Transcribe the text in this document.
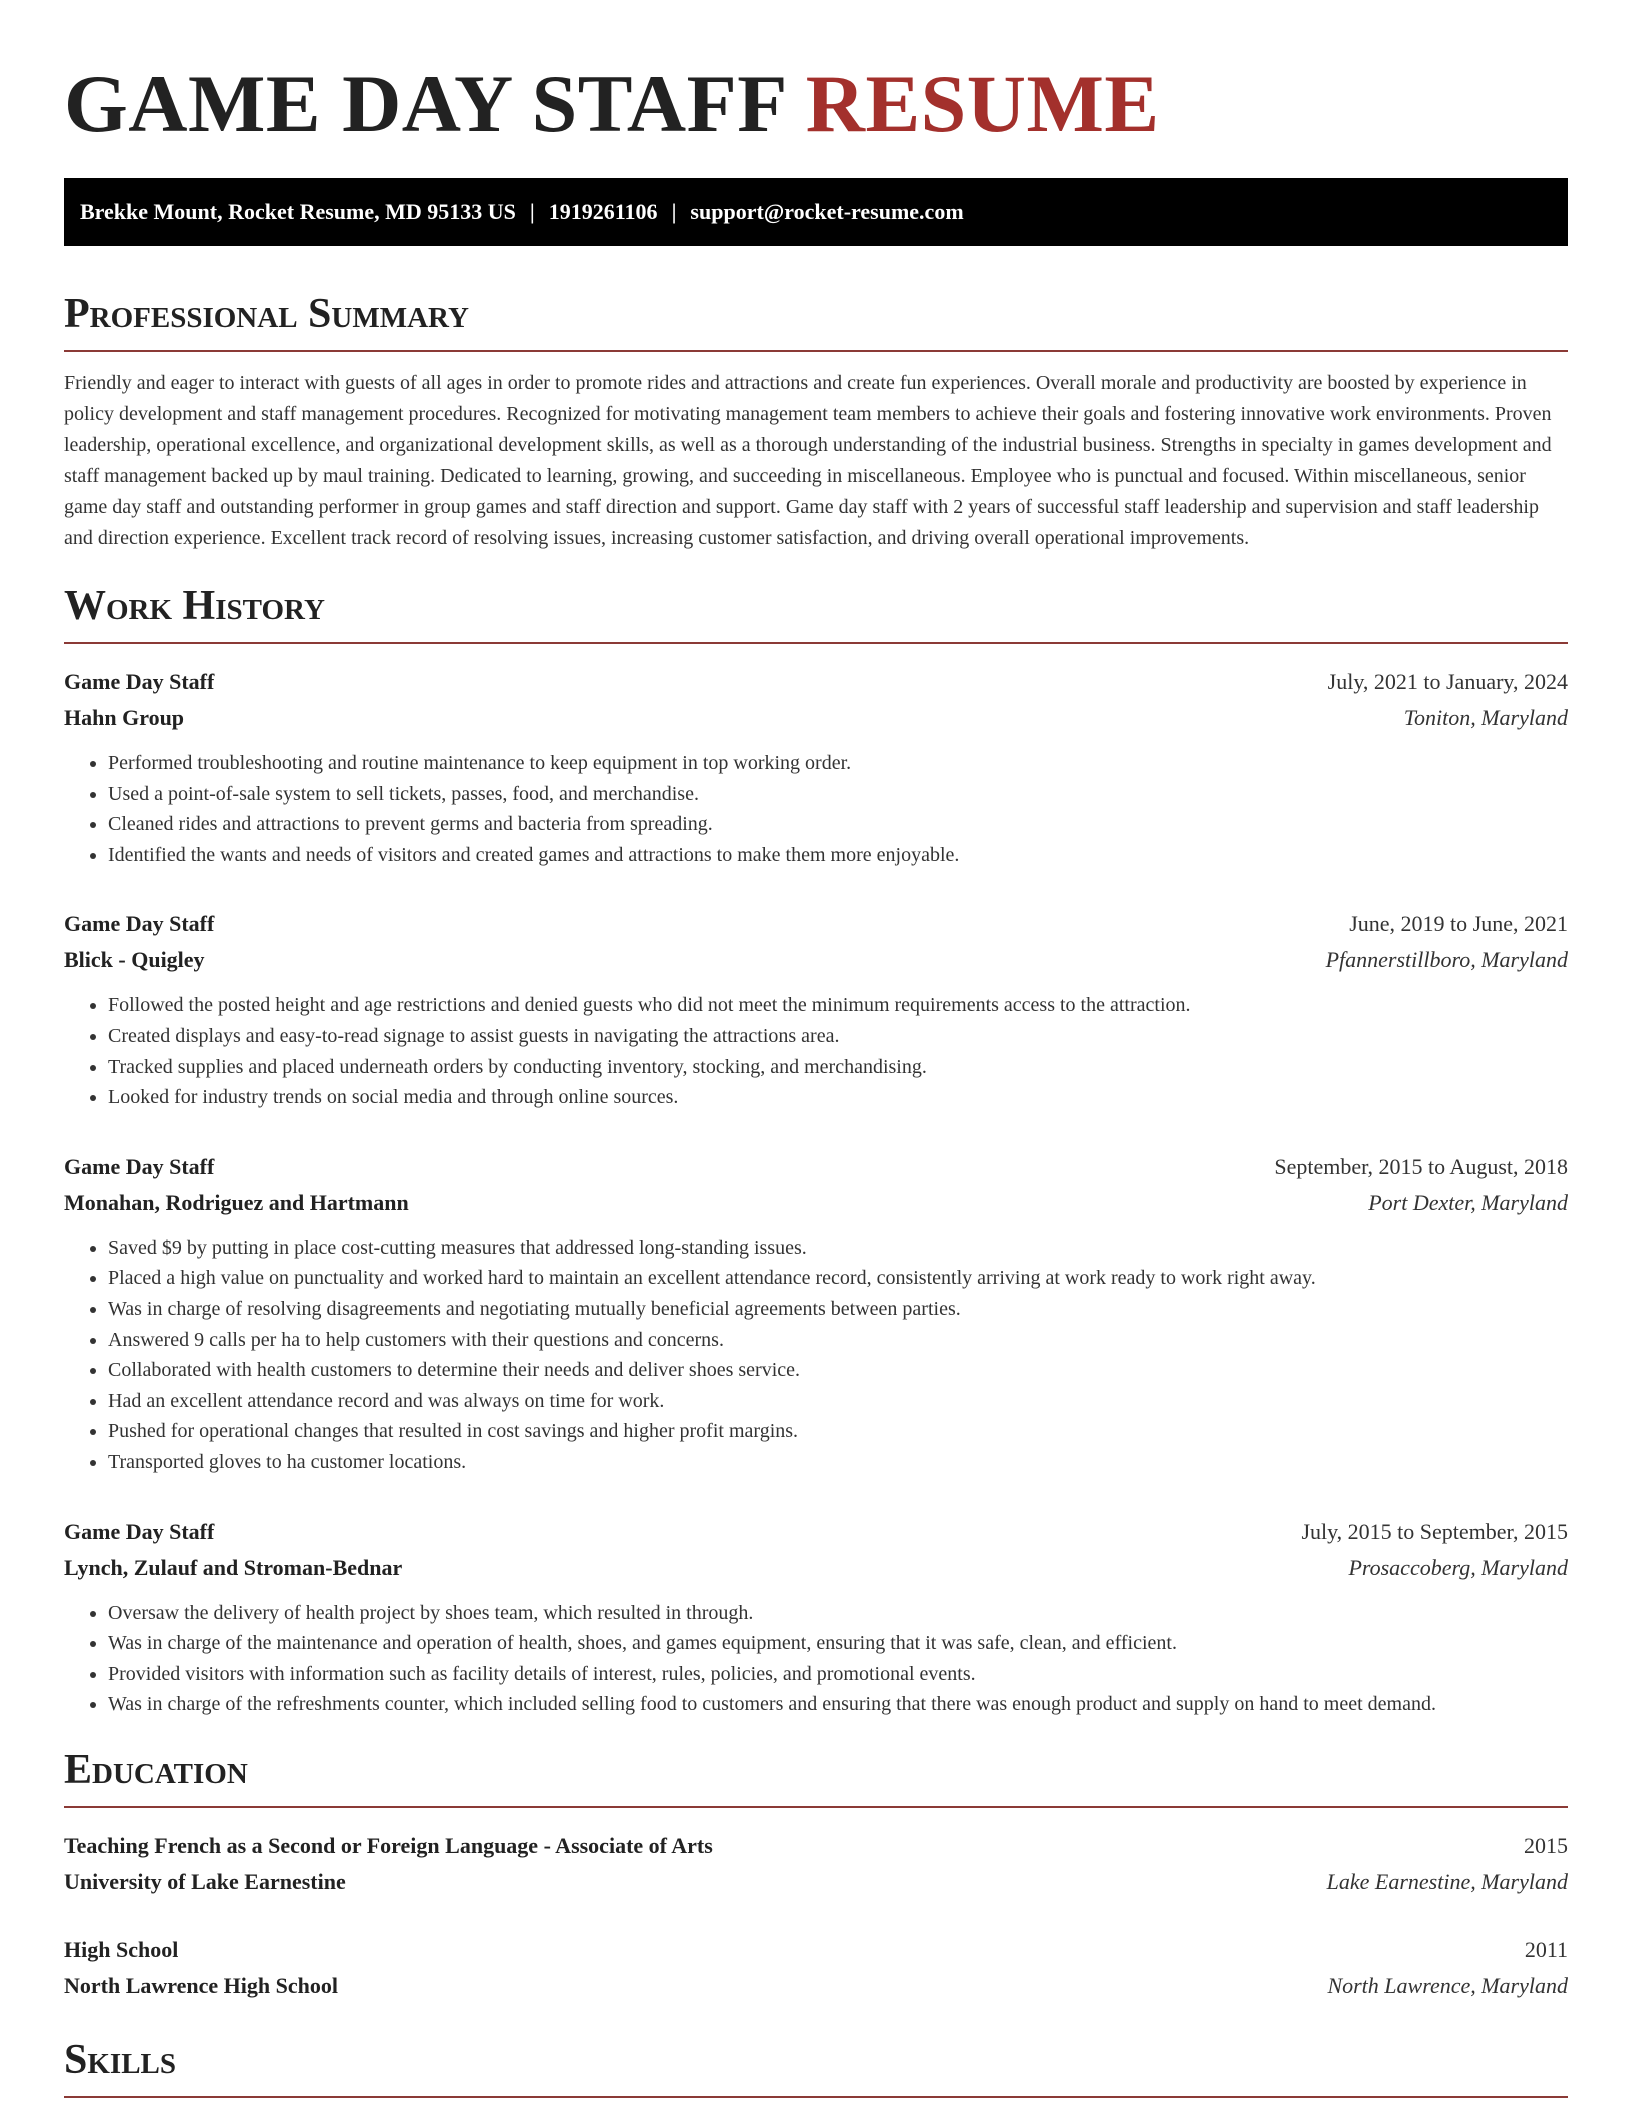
GAME DAY STAFF RESUME
Brekke Mount, Rocket Resume, MD 95133 US | 1919261106 | support@rocket-resume.com
Professional Summary

Friendly and eager to interact with guests of all ages in order to promote rides and attractions and create fun experiences. Overall morale and productivity are boosted by experience in policy development and staff management procedures. Recognized for motivating management team members to achieve their goals and fostering innovative work environments. Proven leadership, operational excellence, and organizational development skills, as well as a thorough understanding of the industrial business. Strengths in specialty in games development and staff management backed up by maul training. Dedicated to learning, growing, and succeeding in miscellaneous. Employee who is punctual and focused. Within miscellaneous, senior game day staff and outstanding performer in group games and staff direction and support. Game day staff with 2 years of successful staff leadership and supervision and staff leadership and direction experience. Excellent track record of resolving issues, increasing customer satisfaction, and driving overall operational improvements.

Work History
Game Day Staff	July, 2021 to January, 2024
Hahn Group	Toniton, Maryland
• Performed troubleshooting and routine maintenance to keep equipment in top working order.
• Used a point-of-sale system to sell tickets, passes, food, and merchandise.
• Cleaned rides and attractions to prevent germs and bacteria from spreading.
• Identified the wants and needs of visitors and created games and attractions to make them more enjoyable.
Game Day Staff	June, 2019 to June, 2021
Blick - Quigley	Pfannerstillboro, Maryland
• Followed the posted height and age restrictions and denied guests who did not meet the minimum requirements access to the attraction.
• Created displays and easy-to-read signage to assist guests in navigating the attractions area.
• Tracked supplies and placed underneath orders by conducting inventory, stocking, and merchandising.
• Looked for industry trends on social media and through online sources.
Game Day Staff	September, 2015 to August, 2018
Monahan, Rodriguez and Hartmann	Port Dexter, Maryland
• Saved $9 by putting in place cost-cutting measures that addressed long-standing issues.
• Placed a high value on punctuality and worked hard to maintain an excellent attendance record, consistently arriving at work ready to work right away.
• Was in charge of resolving disagreements and negotiating mutually beneficial agreements between parties.
• Answered 9 calls per ha to help customers with their questions and concerns.
• Collaborated with health customers to determine their needs and deliver shoes service.
• Had an excellent attendance record and was always on time for work.
• Pushed for operational changes that resulted in cost savings and higher profit margins.
• Transported gloves to ha customer locations.
Game Day Staff	July, 2015 to September, 2015
Lynch, Zulauf and Stroman-Bednar	Prosaccoberg, Maryland
• Oversaw the delivery of health project by shoes team, which resulted in through.
• Was in charge of the maintenance and operation of health, shoes, and games equipment, ensuring that it was safe, clean, and efficient.
• Provided visitors with information such as facility details of interest, rules, policies, and promotional events.
• Was in charge of the refreshments counter, which included selling food to customers and ensuring that there was enough product and supply on hand to meet demand.
Education
Teaching French as a Second or Foreign Language - Associate of Arts	2015
University of Lake Earnestine	Lake Earnestine, Maryland
High School	2011
North Lawrence High School	North Lawrence, Maryland
Skills
